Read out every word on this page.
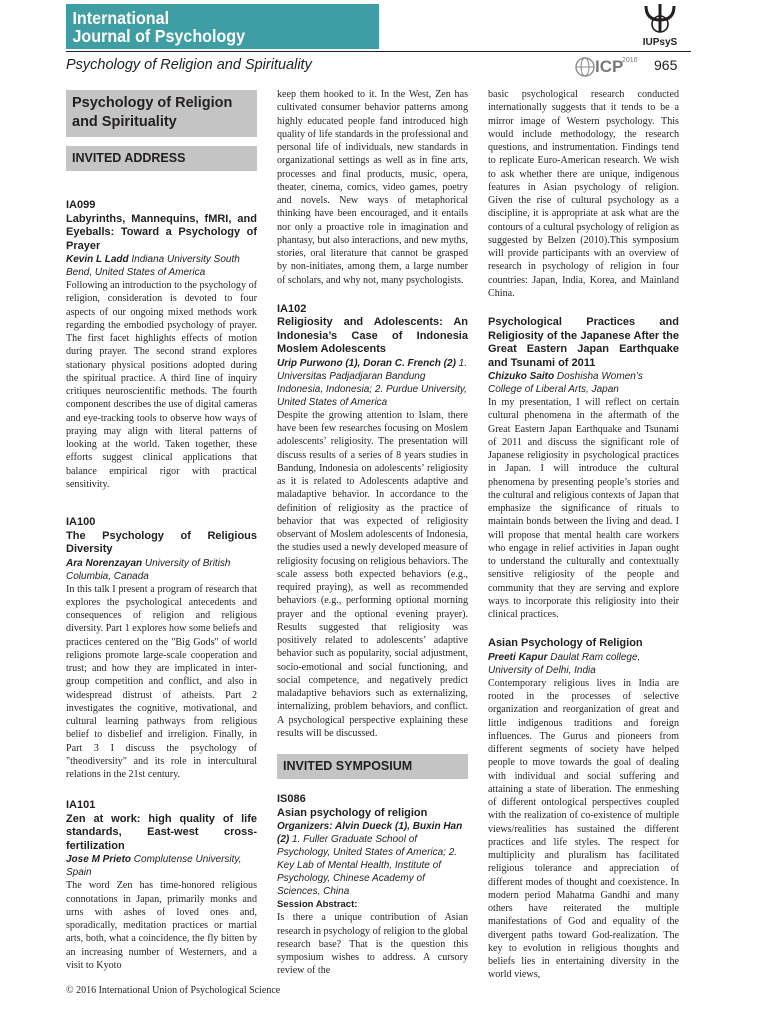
International
Journal of Psychology	IUPsyS
Psychology of Religion and Spirituality	ICP
2016 965
Psychology of Religion and Spirituality
INVITED ADDRESS
IA099
Labyrinths, Mannequins, fMRI, and Eyeballs: Toward a Psychology of Prayer
Kevin L Ladd Indiana University South Bend, United States of America
Following an introduction to the psychology of religion, consideration is devoted to four aspects of our ongoing mixed methods work regarding the embodied psychology of prayer. The first facet highlights effects of motion during prayer. The second strand explores stationary physical positions adopted during the spiritual practice. A third line of inquiry critiques neuroscientific methods. The fourth component describes the use of digital cameras and eye-tracking tools to observe how ways of praying may align with literal patterns of looking at the world. Taken together, these efforts suggest clinical applications that balance empirical rigor with practical sensitivity.
IA100
The Psychology of Religious Diversity
Ara Norenzayan University of British Columbia, Canada
In this talk I present a program of research that explores the psychological antecedents and consequences of religion and religious diversity. Part 1 explores how some beliefs and practices centered on the "Big Gods" of world religions promote large-scale cooperation and trust; and how they are implicated in inter-group competition and conflict, and also in widespread distrust of atheists. Part 2 investigates the cognitive, motivational, and cultural learning pathways from religious belief to disbelief and irreligion. Finally, in Part 3 I discuss the psychology of "theodiversity" and its role in intercultural relations in the 21st century.
IA101
Zen at work: high quality of life standards, East-west cross-fertilization
Jose M Prieto Complutense University, Spain
The word Zen has time-honored religious connotations in Japan, primarily monks and urns with ashes of loved ones and, sporadically, meditation practices or martial arts, both, what a coincidence, the fly bitten by an increasing number of Westerners, and a visit to Kyoto
keep them hooked to it. In the West, Zen has cultivated consumer behavior patterns among highly educated people fand introduced high quality of life standards in the professional and personal life of individuals, new standards in organizational settings as well as in fine arts, processes and final products, music, opera, theater, cinema, comics, video games, poetry and novels. New ways of metaphorical thinking have been encouraged, and it entails nor only a proactive role in imagination and phantasy, but also interactions, and new myths, stories, oral literature that cannot be grasped by non-initiates, among them, a large number of scholars, and why not, many psychologists.
IA102
Religiosity and Adolescents: An Indonesia’s Case of Indonesia Moslem Adolescents
Urip Purwono (1), Doran C. French (2) 1. Universitas Padjadjaran Bandung Indonesia, Indonesia; 2. Purdue University, United States of America
Despite the growing attention to Islam, there have been few researches focusing on Moslem adolescents’ religiosity. The presentation will discuss results of a series of 8 years studies in Bandung, Indonesia on adolescents’ religiosity as it is related to Adolescents adaptive and maladaptive behavior. In accordance to the definition of religiosity as the practice of behavior that was expected of religiosity observant of Moslem adolescents of Indonesia, the studies used a newly developed measure of religiosity focusing on religious behaviors. The scale assess both expected behaviors (e.g., required praying), as well as recommended behaviors (e.g., performing optional morning prayer and the optional evening prayer). Results suggested that religiosity was positively related to adolescents’ adaptive behavior such as popularity, social adjustment, socio-emotional and social functioning, and social competence, and negatively predict maladaptive behaviors such as externalizing, internalizing, problem behaviors, and conflict. A psychological perspective explaining these results will be discussed.
INVITED SYMPOSIUM
IS086
Asian psychology of religion
Organizers: Alvin Dueck (1), Buxin Han (2) 1. Fuller Graduate School of Psychology, United States of America; 2. Key Lab of Mental Health, Institute of Psychology, Chinese Academy of Sciences, China
Session Abstract:
Is there a unique contribution of Asian research in psychology of religion to the global research base? That is the question this symposium wishes to address. A cursory review of the
basic psychological research conducted internationally suggests that it tends to be a mirror image of Western psychology. This would include methodology, the research questions, and instrumentation. Findings tend to replicate Euro-American research. We wish to ask whether there are unique, indigenous features in Asian psychology of religion. Given the rise of cultural psychology as a discipline, it is appropriate at ask what are the contours of a cultural psychology of religion as suggested by Belzen (2010).This symposium will provide participants with an overview of research in psychology of religion in four countries: Japan, India, Korea, and Mainland China.
Psychological Practices and Religiosity of the Japanese After the Great Eastern Japan Earthquake and Tsunami of 2011
Chizuko Saito Doshisha Women’s College of Liberal Arts, Japan
In my presentation, I will reflect on certain cultural phenomena in the aftermath of the Great Eastern Japan Earthquake and Tsunami of 2011 and discuss the significant role of Japanese religiosity in psychological practices in Japan. I will introduce the cultural phenomena by presenting people’s stories and the cultural and religious contexts of Japan that emphasize the significance of rituals to maintain bonds between the living and dead. I will propose that mental health care workers who engage in relief activities in Japan ought to understand the culturally and contextually sensitive religiosity of the people and community that they are serving and explore ways to incorporate this religiosity into their clinical practices.
Asian Psychology of Religion
Preeti Kapur Daulat Ram college, University of Delhi, India
Contemporary religious lives in India are rooted in the processes of selective organization and reorganization of great and little indigenous traditions and foreign influences. The Gurus and pioneers from different segments of society have helped people to move towards the goal of dealing with individual and social suffering and attaining a state of liberation. The enmeshing of different ontological perspectives coupled with the realization of co-existence of multiple views/realities has sustained the different practices and life styles. The respect for multiplicity and pluralism has facilitated religious tolerance and appreciation of different modes of thought and coexistence. In modern period Mahatma Gandhi and many others have reiterated the multiple manifestations of God and equality of the divergent paths toward God-realization. The key to evolution in religious thoughts and beliefs lies in entertaining diversity in the world views,
© 2016 International Union of Psychological Science
